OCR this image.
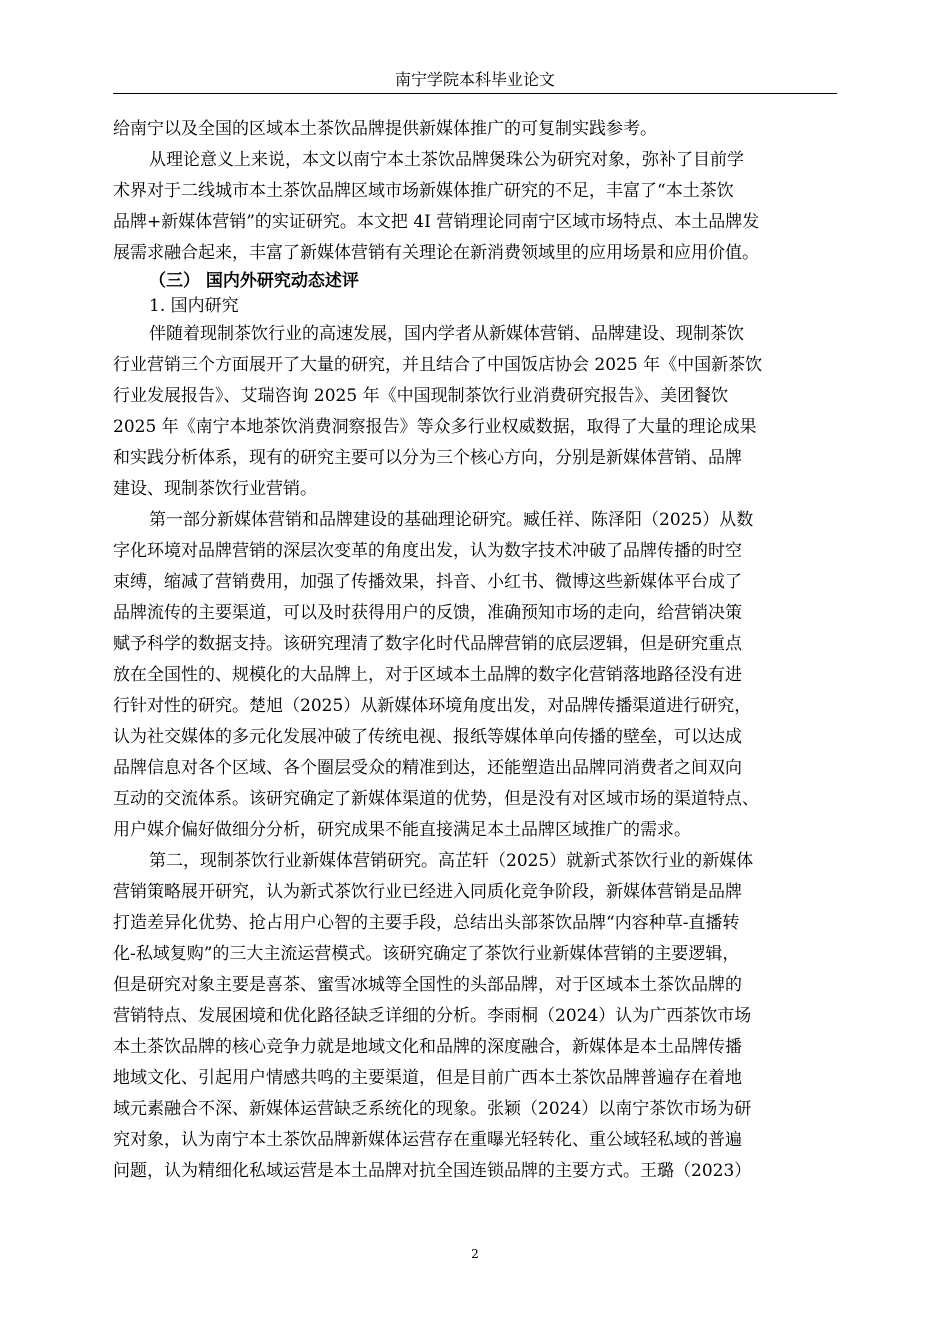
南宁学院本科毕业论文
给南宁以及全国的区域本土茶饮品牌提供新媒体推广的可复制实践参考。
从理论意义上来说，本文以南宁本土茶饮品牌煲珠公为研究对象，弥补了目前学
术界对于二线城市本土茶饮品牌区域市场新媒体推广研究的不足，丰富了“本土茶饮
品牌+新媒体营销”的实证研究。本文把 4I 营销理论同南宁区域市场特点、本土品牌发
展需求融合起来，丰富了新媒体营销有关理论在新消费领域里的应用场景和应用价值。
（三） 国内外研究动态述评
1. 国内研究
伴随着现制茶饮行业的高速发展，国内学者从新媒体营销、品牌建设、现制茶饮
行业营销三个方面展开了大量的研究，并且结合了中国饭店协会 2025 年《中国新茶饮
行业发展报告》、艾瑞咨询 2025 年《中国现制茶饮行业消费研究报告》、美团餐饮
2025 年《南宁本地茶饮消费洞察报告》等众多行业权威数据，取得了大量的理论成果
和实践分析体系，现有的研究主要可以分为三个核心方向，分别是新媒体营销、品牌
建设、现制茶饮行业营销。
第一部分新媒体营销和品牌建设的基础理论研究。臧任祥、陈泽阳（2025）从数
字化环境对品牌营销的深层次变革的角度出发，认为数字技术冲破了品牌传播的时空
束缚，缩减了营销费用，加强了传播效果，抖音、小红书、微博这些新媒体平台成了
品牌流传的主要渠道，可以及时获得用户的反馈，准确预知市场的走向，给营销决策
赋予科学的数据支持。该研究理清了数字化时代品牌营销的底层逻辑，但是研究重点
放在全国性的、规模化的大品牌上，对于区域本土品牌的数字化营销落地路径没有进
行针对性的研究。楚旭（2025）从新媒体环境角度出发，对品牌传播渠道进行研究，
认为社交媒体的多元化发展冲破了传统电视、报纸等媒体单向传播的壁垒，可以达成
品牌信息对各个区域、各个圈层受众的精准到达，还能塑造出品牌同消费者之间双向
互动的交流体系。该研究确定了新媒体渠道的优势，但是没有对区域市场的渠道特点、
用户媒介偏好做细分分析，研究成果不能直接满足本土品牌区域推广的需求。
第二，现制茶饮行业新媒体营销研究。高芷轩（2025）就新式茶饮行业的新媒体
营销策略展开研究，认为新式茶饮行业已经进入同质化竞争阶段，新媒体营销是品牌
打造差异化优势、抢占用户心智的主要手段，总结出头部茶饮品牌“内容种草-直播转
化-私域复购”的三大主流运营模式。该研究确定了茶饮行业新媒体营销的主要逻辑，
但是研究对象主要是喜茶、蜜雪冰城等全国性的头部品牌，对于区域本土茶饮品牌的
营销特点、发展困境和优化路径缺乏详细的分析。李雨桐（2024）认为广西茶饮市场
本土茶饮品牌的核心竞争力就是地域文化和品牌的深度融合，新媒体是本土品牌传播
地域文化、引起用户情感共鸣的主要渠道，但是目前广西本土茶饮品牌普遍存在着地
域元素融合不深、新媒体运营缺乏系统化的现象。张颖（2024）以南宁茶饮市场为研
究对象，认为南宁本土茶饮品牌新媒体运营存在重曝光轻转化、重公域轻私域的普遍
问题，认为精细化私域运营是本土品牌对抗全国连锁品牌的主要方式。王璐（2023）
2
